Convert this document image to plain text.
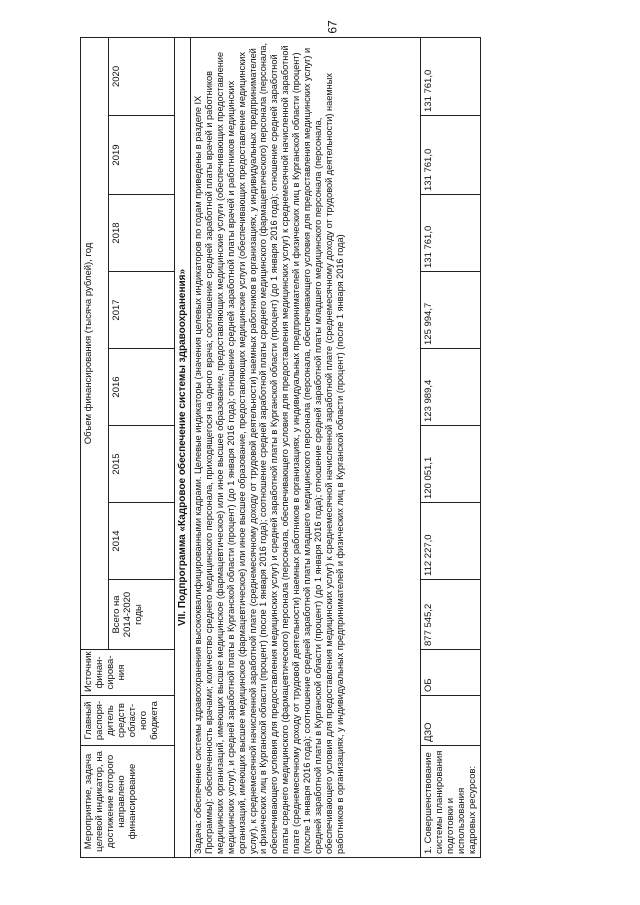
67
Мероприятие, задача целевой индикатор, на достижение которого направлено финансирование	Главный распоря-дитель средств област-ного бюджета	Источник финан-сирова-ния	Объем финансирования (тысяча рублей), год							
			Всего на 2014-2020 годы	2014	2015	2016	2017	2018	2019	2020
VII. Подпрограмма «Кадровое обеспечение системы здравоохранения»										
Задача: обеспечение системы здравоохранения высококвалифицированными кадрами. Целевые индикаторы (значения целевых индикаторов по годам приведены в разделе IX Программы): обеспеченность врачами; количество среднего медицинского персонала, приходящегося на одного врача; соотношение средней заработной платы врачей и работников медицинских организаций, имеющих высшее медицинское (фармацевтическое) или иное высшее образование, предоставляющих медицинские услуги (обеспечивающих предоставление медицинских услуг), и средней заработной платы в Курганской области (процент) (до 1 января 2016 года); отношение средней заработной платы врачей и работников медицинских организаций, имеющих высшее медицинское (фармацевтическое) или иное высшее образование, предоставляющих медицинские услуги (обеспечивающих предоставление медицинских услуг), к среднемесячной начисленной заработной плате (среднемесячному доходу от трудовой деятельности) наемных работников в организациях, у индивидуальных предпринимателей и физических лиц в Курганской области (процент) (после 1 января 2016 года); соотношение средней заработной платы среднего медицинского (фармацевтического) персонала (персонала, обеспечивающего условия для предоставления медицинских услуг) и средней заработной платы в Курганской области (процент) (до 1 января 2016 года); отношение средней заработной платы среднего медицинского (фармацевтического) персонала (персонала, обеспечивающего условия для предоставления медицинских услуг) к среднемесячной начисленной заработной плате (среднемесячному доходу от трудовой деятельности) наемных работников в организациях, у индивидуальных предпринимателей и физических лиц в Курганской области (процент) (после 1 января 2016 года); соотношение средней заработной платы младшего медицинского персонала (персонала, обеспечивающего условия для предоставления медицинских услуг) и средней заработной платы в Курганской области (процент) (до 1 января 2016 года); отношение средней заработной платы младшего медицинского персонала (персонала, обеспечивающего условия для предоставления медицинских услуг) к среднемесячной начисленной заработной плате (среднемесячному доходу от трудовой деятельности) наемных работников в организациях, у индивидуальных предпринимателей и физических лиц в Курганской области (процент) (после 1 января 2016 года)										
1. Совершенствование системы планирования подготовки и использования кадровых ресурсов:	ДЗО	ОБ	877 545,2	112 227,0	120 051,1	123 989,4	125 994,7	131 761,0	131 761,0	131 761,0
